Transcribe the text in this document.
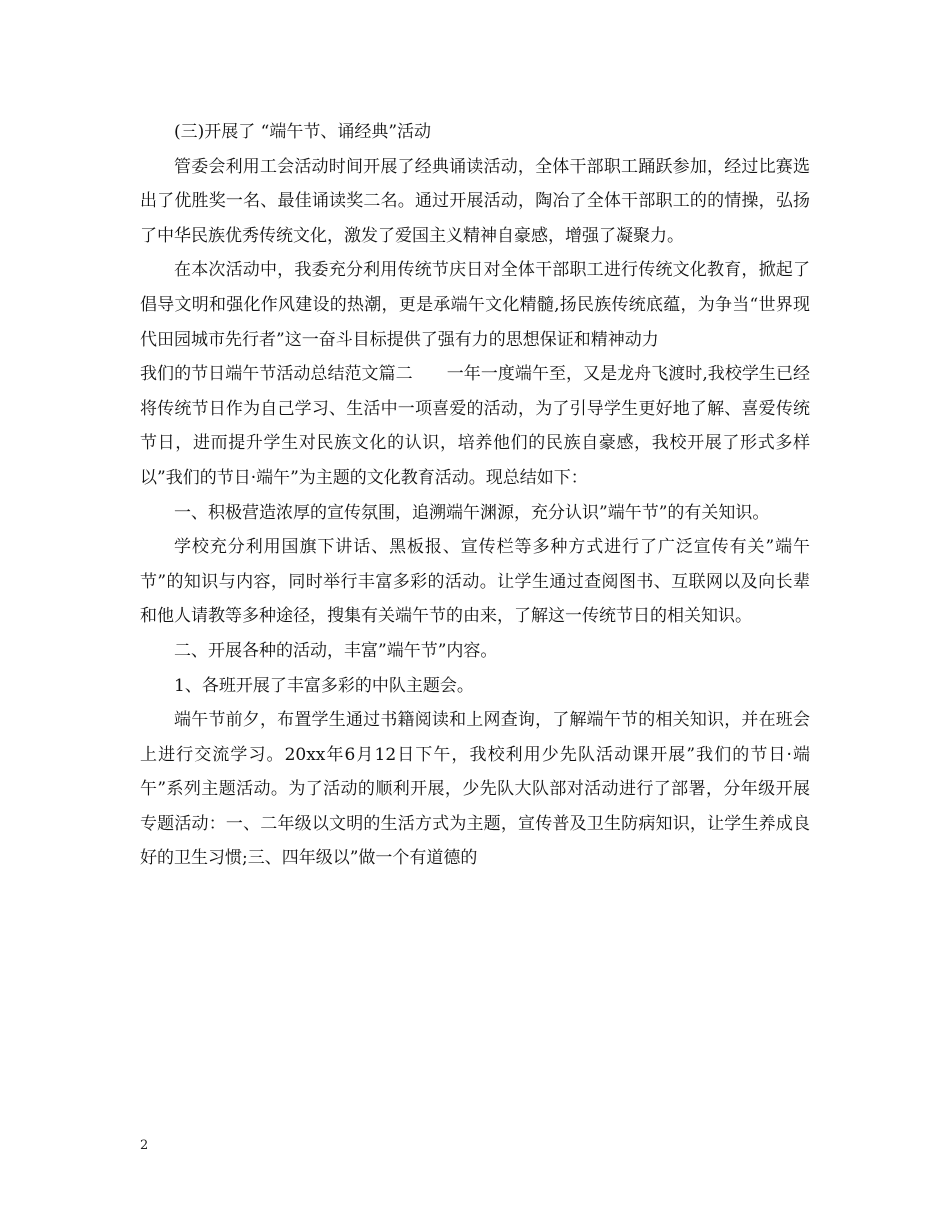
(三)开展了 “端午节、诵经典”活动

管委会利用工会活动时间开展了经典诵读活动，全体干部职工踊跃参加，经过比赛选出了优胜奖一名、最佳诵读奖二名。通过开展活动，陶冶了全体干部职工的的情操，弘扬了中华民族优秀传统文化，激发了爱国主义精神自豪感，增强了凝聚力。

在本次活动中，我委充分利用传统节庆日对全体干部职工进行传统文化教育，掀起了倡导文明和强化作风建设的热潮，更是承端午文化精髓,扬民族传统底蕴，为争当“世界现代田园城市先行者”这一奋斗目标提供了强有力的思想保证和精神动力

我们的节日端午节活动总结范文篇二　　一年一度端午至，又是龙舟飞渡时,我校学生已经将传统节日作为自己学习、生活中一项喜爱的活动，为了引导学生更好地了解、喜爱传统节日，进而提升学生对民族文化的认识，培养他们的民族自豪感，我校开展了形式多样以”我们的节日·端午”为主题的文化教育活动。现总结如下：

一、积极营造浓厚的宣传氛围，追溯端午渊源，充分认识”端午节”的有关知识。

学校充分利用国旗下讲话、黑板报、宣传栏等多种方式进行了广泛宣传有关”端午节”的知识与内容，同时举行丰富多彩的活动。让学生通过查阅图书、互联网以及向长辈和他人请教等多种途径，搜集有关端午节的由来，了解这一传统节日的相关知识。

二、开展各种的活动，丰富”端午节”内容。

1、各班开展了丰富多彩的中队主题会。

端午节前夕，布置学生通过书籍阅读和上网查询，了解端午节的相关知识，并在班会上进行交流学习。20xx年6月12日下午，我校利用少先队活动课开展”我们的节日·端午”系列主题活动。为了活动的顺利开展，少先队大队部对活动进行了部署，分年级开展专题活动：一、二年级以文明的生活方式为主题，宣传普及卫生防病知识，让学生养成良好的卫生习惯;三、四年级以”做一个有道德的

2
